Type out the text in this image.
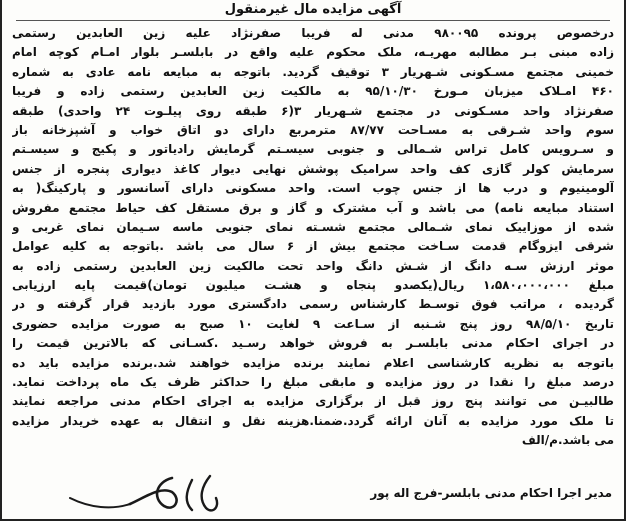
آگهی مزایده مال غیرمنقول
درخصوص پرونده ۹۸۰۰۹۵ مدنی له فریبا صفرنژاد علیه زین العابدین رستمی
زاده مبنی بـر مطالبه مهریـه، ملک محکوم علیه واقع در بابلسـر بلوار امـام کوچه امام
خمینی مجتمع مسـکونی شـهریار ۳ توقیف گردید. باتوجه به مبایعه نامه عادی به شماره
۴۶۰ امـلاک میزبان مـورخ ۹۵/۱۰/۳۰ به مالکیت زین العابدین رستمی زاده و فریبا
صفرنژاد واحد مسـکونی در مجتمع شـهریار ۳(۶ طبقه روی پیلـوت ۲۴ واحدی) طبقه
سوم واحد شـرقی به مسـاحت ۸۷/۷۷ مترمربع دارای دو اتاق خواب و آشپزخانه باز
و سـرویس کامل تراس شـمالی و جنوبی سیسـتم گرمایش رادیاتور و پکیج و سیسـتم
سرمایش کولر گازی کف واحد سرامیک پوشش نهایی دیوار کاغذ دیواری پنجره از جنس
آلومینیوم و درب ها از جنس چوب است. واحد مسکونی دارای آسانسور و پارکینگ( به
استناد مبایعه نامه) می باشد و آب مشترک و گاز و برق مستقل کف حیاط مجتمع مفروش
شده از موزاییک نمای شـمالی مجتمع شسـته نمای جنوبی ماسه سـیمان نمای غربی و
شرقی ایزوگام قدمت سـاخت مجتمع بیش از ۶ سال می باشد .باتوجه به کلیه عوامل
موثر ارزش سـه دانگ از شـش دانگ واحد تحت مالکیت زین العابدین رستمی زاده به
مبلغ ۱،۵۸۰،۰۰۰،۰۰۰ ریال(یکصدو پنجاه و هشـت میلیون تومان)قیمت پایه ارزیابی
گردیده ، مراتب فوق توسـط کارشناس رسمی دادگستری مورد بازدید قرار گرفته و در
تاریخ ۹۸/۵/۱۰ روز پنج شـنبه از سـاعت ۹ لغایت ۱۰ صبح به صورت مزایده حضوری
در اجرای احکام مدنی بابلسـر به فروش خواهد رسـید .کسـانی که بالاترین قیمت را
باتوجه به نظریه کارشناسی اعلام نمایند برنده مزایده خواهند شد.برنده مزایده باید ده
درصد مبلغ را نقدا در روز مزایده و مابقی مبلغ را حداکثر ظرف یک ماه پرداخت نماید.
طالبیـن می توانند پنج روز قبل از برگزاری مزایده به اجرای احکام مدنی مراجعه نمایند
تا ملک مورد مزایده به آنان ارائه گردد.ضمنا.هزینه نقل و انتقال به عهده خریدار مزایده
می باشد.م/الف
مدیر اجرا احکام مدنی بابلسر-فرج اله پور
